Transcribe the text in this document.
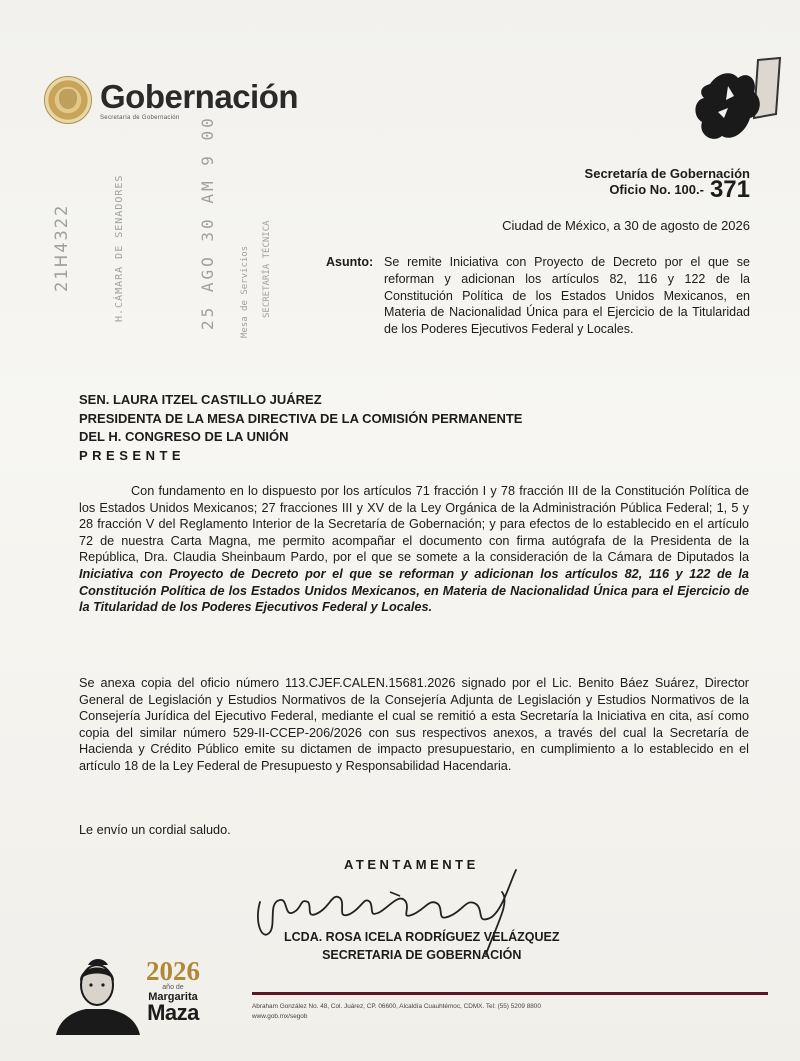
Gobernación
Secretaría de Gobernación
Secretaría de Gobernación
Oficio No. 100.- 371
Ciudad de México, a 30 de agosto de 2026
Asunto: Se remite Iniciativa con Proyecto de Decreto por el que se reforman y adicionan los artículos 82, 116 y 122 de la Constitución Política de los Estados Unidos Mexicanos, en Materia de Nacionalidad Única para el Ejercicio de la Titularidad de los Poderes Ejecutivos Federal y Locales.
21ᕼ4322	H.CÁMARA DE SENADORES	25 AGO 30 AM 9 00	Mesa de Servicios SECRETARÍA TÉCNICA
SEN. LAURA ITZEL CASTILLO JUÁREZ
PRESIDENTA DE LA MESA DIRECTIVA DE LA COMISIÓN PERMANENTE
DEL H. CONGRESO DE LA UNIÓN
PRESENTE
Con fundamento en lo dispuesto por los artículos 71 fracción I y 78 fracción III de la Constitución Política de los Estados Unidos Mexicanos; 27 fracciones III y XV de la Ley Orgánica de la Administración Pública Federal; 1, 5 y 28 fracción V del Reglamento Interior de la Secretaría de Gobernación; y para efectos de lo establecido en el artículo 72 de nuestra Carta Magna, me permito acompañar el documento con firma autógrafa de la Presidenta de la República, Dra. Claudia Sheinbaum Pardo, por el que se somete a la consideración de la Cámara de Diputados la Iniciativa con Proyecto de Decreto por el que se reforman y adicionan los artículos 82, 116 y 122 de la Constitución Política de los Estados Unidos Mexicanos, en Materia de Nacionalidad Única para el Ejercicio de la Titularidad de los Poderes Ejecutivos Federal y Locales.
Se anexa copia del oficio número 113.CJEF.CALEN.15681.2026 signado por el Lic. Benito Báez Suárez, Director General de Legislación y Estudios Normativos de la Consejería Adjunta de Legislación y Estudios Normativos de la Consejería Jurídica del Ejecutivo Federal, mediante el cual se remitió a esta Secretaría la Iniciativa en cita, así como copia del similar número 529-II-CCEP-206/2026 con sus respectivos anexos, a través del cual la Secretaría de Hacienda y Crédito Público emite su dictamen de impacto presupuestario, en cumplimiento a lo establecido en el artículo 18 de la Ley Federal de Presupuesto y Responsabilidad Hacendaria.
Le envío un cordial saludo.
ATENTAMENTE
LCDA. ROSA ICELA RODRÍGUEZ VELÁZQUEZ
SECRETARIA DE GOBERNACIÓN
2026
año de
Margarita
Maza	Abraham González No. 48, Col. Juárez, CP. 06600, Alcaldía Cuauhtémoc, CDMX. Tel: (55) 5209 8800
www.gob.mx/segob
